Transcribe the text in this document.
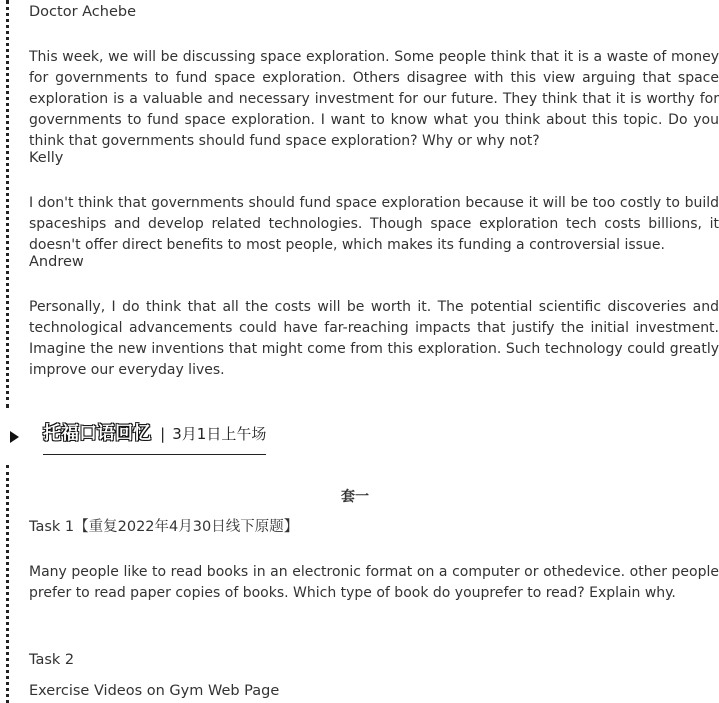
Doctor Achebe

This week, we will be discussing space exploration. Some people think that it is a waste of money for governments to fund space exploration. Others disagree with this view arguing that space exploration is a valuable and necessary investment for our future. They think that it is worthy for governments to fund space exploration. I want to know what you think about this topic. Do you think that governments should fund space exploration? Why or why not?

Kelly

I don't think that governments should fund space exploration because it will be too costly to build spaceships and develop related technologies. Though space exploration tech costs billions, it doesn't offer direct benefits to most people, which makes its funding a controversial issue.

Andrew

Personally, I do think that all the costs will be worth it. The potential scientific discoveries and technological advancements could have far-reaching impacts that justify the initial investment. Imagine the new inventions that might come from this exploration. Such technology could greatly improve our everyday lives.

托福口语回忆 | 3月1日上午场
套一
Task 1【重复2022年4月30日线下原题】

Many people like to read books in an electronic format on a computer or othedevice. other people prefer to read paper copies of books. Which type of book do youprefer to read? Explain why.

Task 2
Exercise Videos on Gym Web Page
